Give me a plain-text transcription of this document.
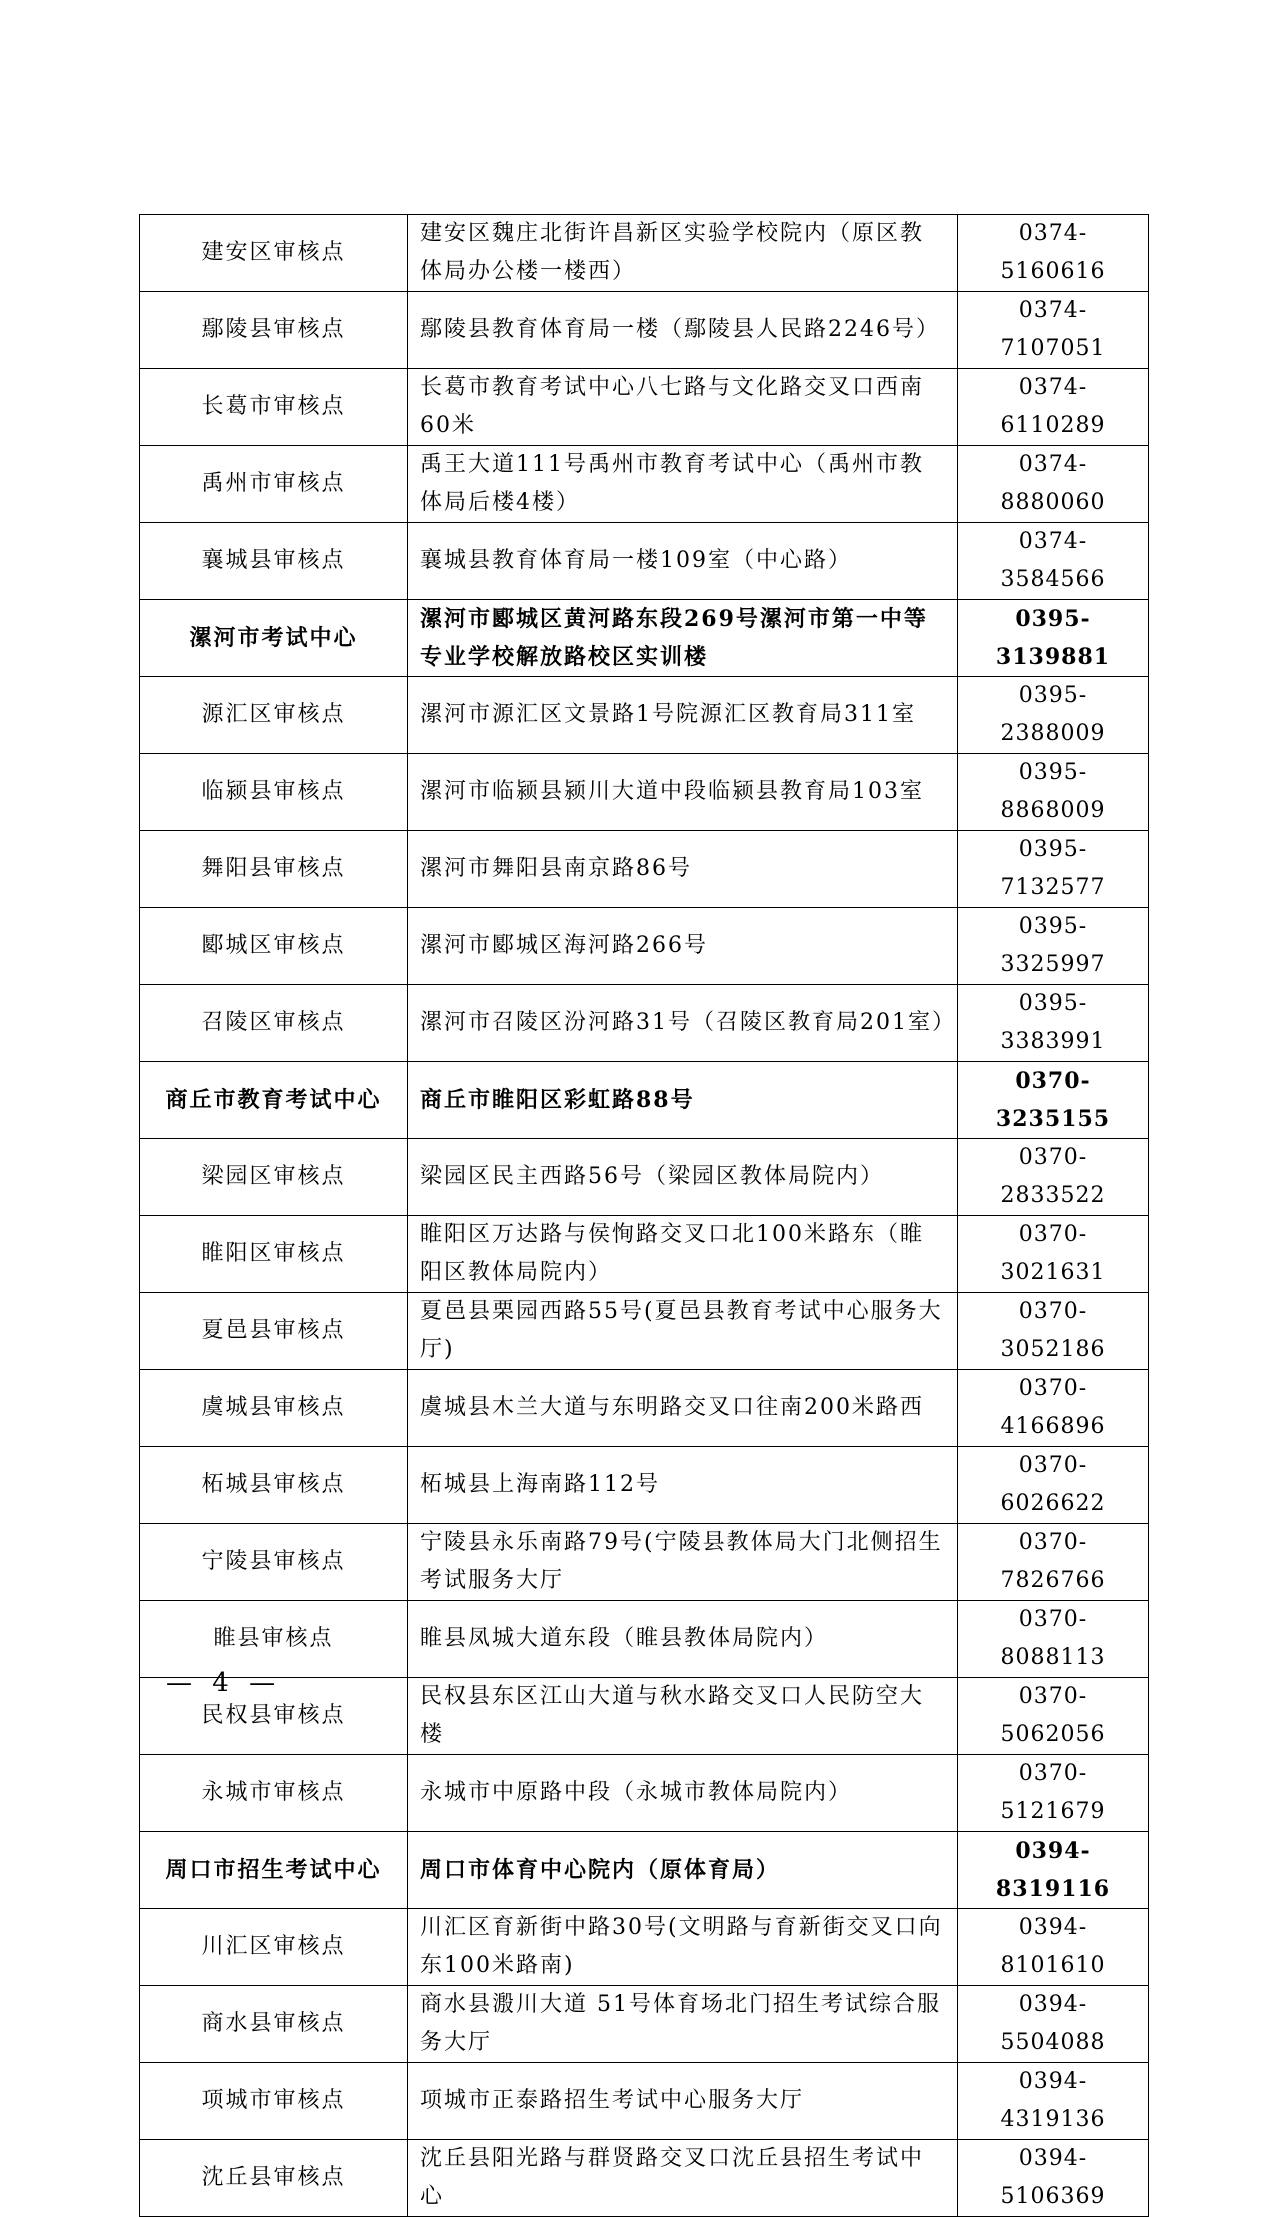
建安区审核点	建安区魏庄北街许昌新区实验学校院内（原区教体局办公楼一楼西）	0374-5160616
鄢陵县审核点	鄢陵县教育体育局一楼（鄢陵县人民路2246号）	0374-7107051
长葛市审核点	长葛市教育考试中心八七路与文化路交叉口西南60米	0374-6110289
禹州市审核点	禹王大道111号禹州市教育考试中心（禹州市教体局后楼4楼）	0374-8880060
襄城县审核点	襄城县教育体育局一楼109室（中心路）	0374-3584566
漯河市考试中心	漯河市郾城区黄河路东段269号漯河市第一中等专业学校解放路校区实训楼	0395-3139881
源汇区审核点	漯河市源汇区文景路1号院源汇区教育局311室	0395-2388009
临颍县审核点	漯河市临颍县颍川大道中段临颍县教育局103室	0395-8868009
舞阳县审核点	漯河市舞阳县南京路86号	0395-7132577
郾城区审核点	漯河市郾城区海河路266号	0395-3325997
召陵区审核点	漯河市召陵区汾河路31号（召陵区教育局201室）	0395-3383991
商丘市教育考试中心	商丘市睢阳区彩虹路88号	0370-3235155
梁园区审核点	梁园区民主西路56号（梁园区教体局院内）	0370-2833522
睢阳区审核点	睢阳区万达路与侯恂路交叉口北100米路东（睢阳区教体局院内）	0370-3021631
夏邑县审核点	夏邑县栗园西路55号(夏邑县教育考试中心服务大厅)	0370-3052186
虞城县审核点	虞城县木兰大道与东明路交叉口往南200米路西	0370-4166896
柘城县审核点	柘城县上海南路112号	0370-6026622
宁陵县审核点	宁陵县永乐南路79号(宁陵县教体局大门北侧招生考试服务大厅	0370-7826766
睢县审核点	睢县凤城大道东段（睢县教体局院内）	0370-8088113
民权县审核点	民权县东区江山大道与秋水路交叉口人民防空大楼	0370-5062056
永城市审核点	永城市中原路中段（永城市教体局院内）	0370-5121679
周口市招生考试中心	周口市体育中心院内（原体育局）	0394-8319116
川汇区审核点	川汇区育新街中路30号(文明路与育新街交叉口向东100米路南)	0394-8101610
商水县审核点	商水县溵川大道 51号体育场北门招生考试综合服务大厅	0394-5504088
项城市审核点	项城市正泰路招生考试中心服务大厅	0394-4319136
沈丘县审核点	沈丘县阳光路与群贤路交叉口沈丘县招生考试中心	0394-5106369
— 4 —
